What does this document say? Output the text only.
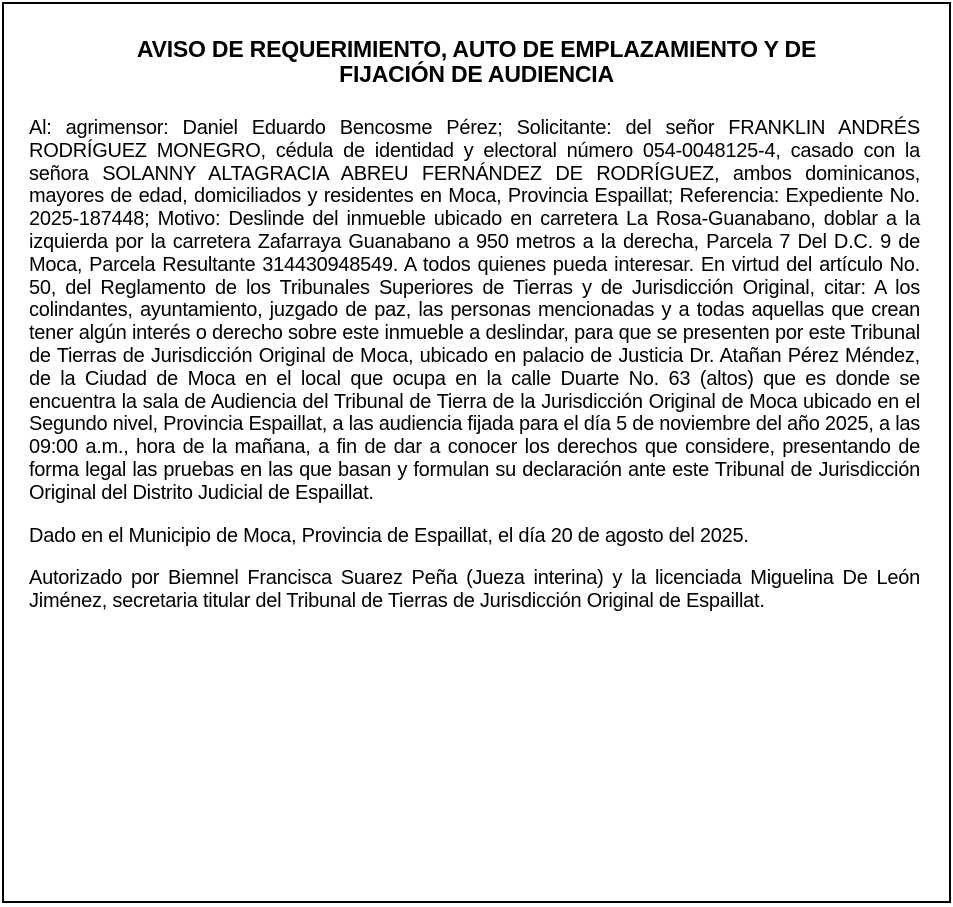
AVISO DE REQUERIMIENTO, AUTO DE EMPLAZAMIENTO Y DE
FIJACIÓN DE AUDIENCIA

Al: agrimensor: Daniel Eduardo Bencosme Pérez; Solicitante: del señor FRANKLIN ANDRÉS RODRÍGUEZ MONEGRO, cédula de identidad y electoral número 054-0048125-4, casado con la señora SOLANNY ALTAGRACIA ABREU FERNÁNDEZ DE RODRÍGUEZ, ambos dominicanos, mayores de edad, domiciliados y residentes en Moca, Provincia Espaillat; Referencia: Expediente No. 2025-187448; Motivo: Deslinde del inmueble ubicado en carretera La Rosa-Guanabano, doblar a la izquierda por la carretera Zafarraya Guanabano a 950 metros a la derecha, Parcela 7 Del D.C. 9 de Moca, Parcela Resultante 314430948549. A todos quienes pueda interesar. En virtud del artículo No. 50, del Reglamento de los Tribunales Superiores de Tierras y de Jurisdicción Original, citar: A los colindantes, ayuntamiento, juzgado de paz, las personas mencionadas y a todas aquellas que crean tener algún interés o derecho sobre este inmueble a deslindar, para que se presenten por este Tribunal de Tierras de Jurisdicción Original de Moca, ubicado en palacio de Justicia Dr. Atañan Pérez Méndez, de la Ciudad de Moca en el local que ocupa en la calle Duarte No. 63 (altos) que es donde se encuentra la sala de Audiencia del Tribunal de Tierra de la Jurisdicción Original de Moca ubicado en el Segundo nivel, Provincia Espaillat, a las audiencia fijada para el día 5 de noviembre del año 2025, a las 09:00 a.m., hora de la mañana, a fin de dar a conocer los derechos que considere, presentando de forma legal las pruebas en las que basan y formulan su declaración ante este Tribunal de Jurisdicción Original del Distrito Judicial de Espaillat.

Dado en el Municipio de Moca, Provincia de Espaillat, el día 20 de agosto del 2025.

Autorizado por Biemnel Francisca Suarez Peña (Jueza interina) y la licenciada Miguelina De León Jiménez, secretaria titular del Tribunal de Tierras de Jurisdicción Original de Espaillat.
